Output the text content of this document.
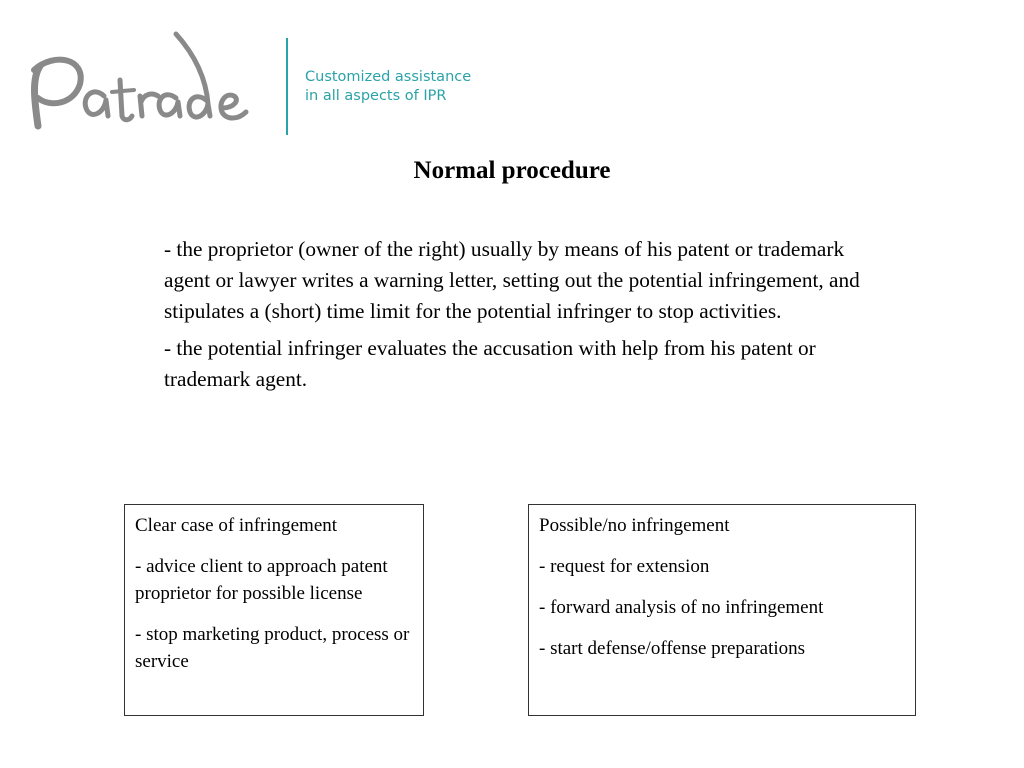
Customized assistance
in all aspects of IPR
Normal procedure

- the proprietor (owner of the right) usually by means of his patent or trademark agent or lawyer writes a warning letter, setting out the potential infringement, and stipulates a (short) time limit for the potential infringer to stop activities.

- the potential infringer evaluates the accusation with help from his patent or trademark agent.

Clear case of infringement

- advice client to approach patent proprietor for possible license

- stop marketing product, process or service

Possible/no infringement

- request for extension

- forward analysis of no infringement

- start defense/offense preparations
